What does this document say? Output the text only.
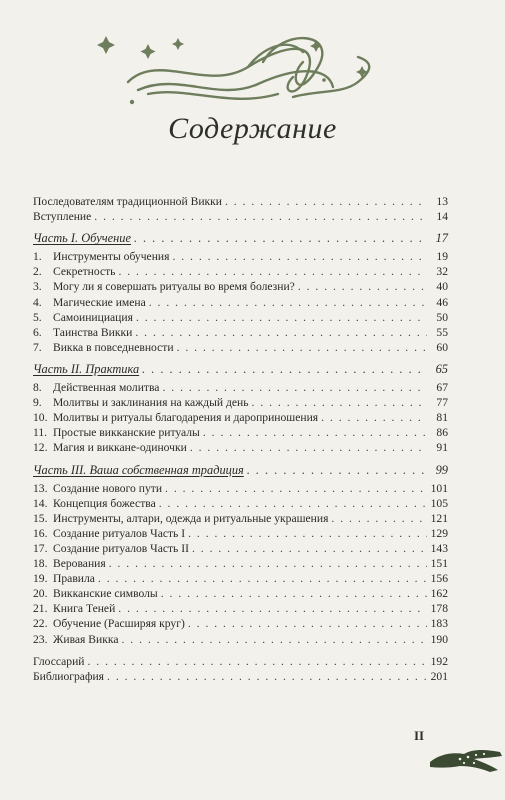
Содержание
Последователям традиционной Викки . . .	13
Вступление . . .	14
Часть I. Обучение . . .	17
1. Инструменты обучения . . .	19
2. Секретность . . .	32
3. Могу ли я совершать ритуалы во время болезни? . . .	40
4. Магические имена . . .	46
5. Самоинициация . . .	50
6. Таинства Викки . . .	55
7. Викка в повседневности . . .	60
Часть II. Практика . . .	65
8. Действенная молитва . . .	67
9. Молитвы и заклинания на каждый день . . .	77
10. Молитвы и ритуалы благодарения и дароприношения . . .	81
11. Простые викканские ритуалы . . .	86
12. Магия и виккане-одиночки . . .	91
Часть III. Ваша собственная традиция . . .	99
13. Создание нового пути . . .	101
14. Концепция божества . . .	105
15. Инструменты, алтари, одежда и ритуальные украшения . . .	121
16. Создание ритуалов Часть I . . .	129
17. Создание ритуалов Часть II . . .	143
18. Верования . . .	151
19. Правила . . .	156
20. Викканские символы . . .	162
21. Книга Теней . . .	178
22. Обучение (Расширяя круг) . . .	183
23. Живая Викка . . .	190
Глоссарий . . .	192
Библиография . . .	201
II
